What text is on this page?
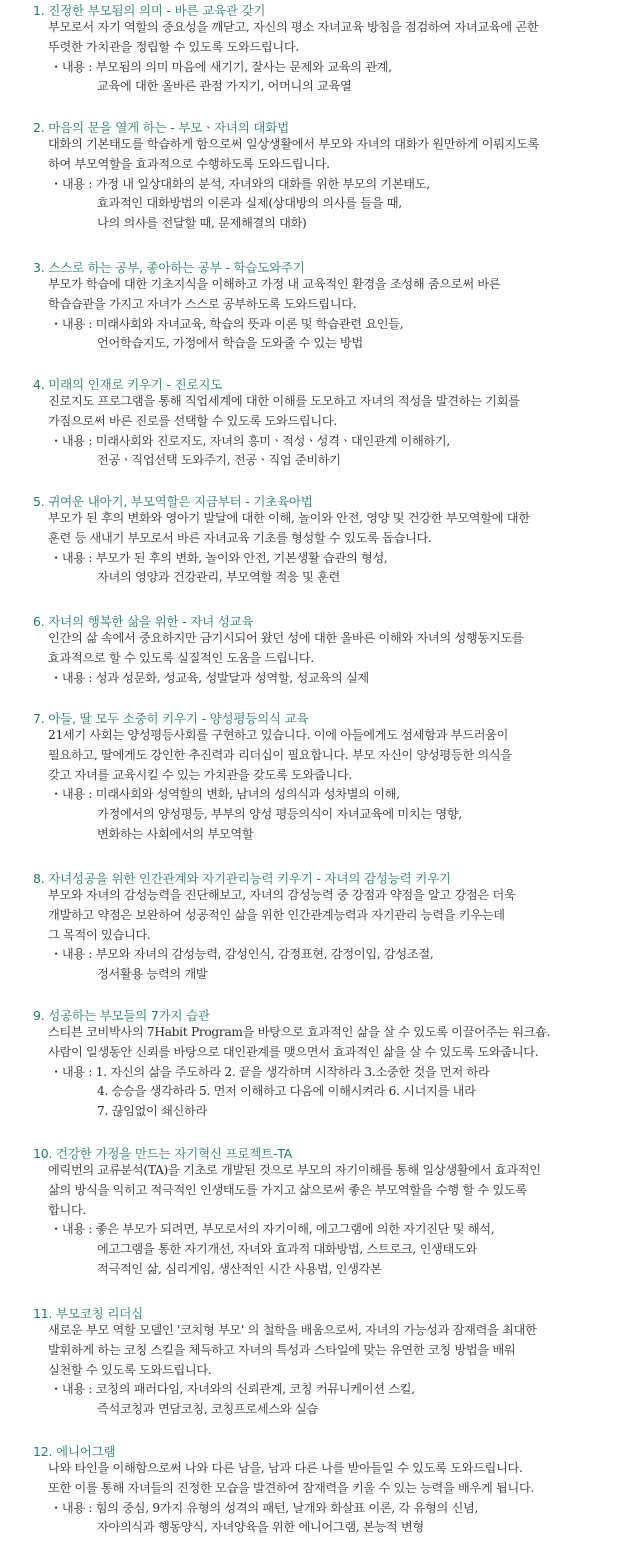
1. 진정한 부모됨의 의미 - 바른 교육관 갖기
부모로서 자기 역할의 중요성을 깨닫고, 자신의 평소 자녀교육 방침을 점검하여 자녀교육에 곤한
뚜렷한 가치관을 정립할 수 있도록 도와드립니다.
・내용 : 부모됨의 의미 마음에 새기기, 잘사는 문제와 교육의 관계,
교육에 대한 올바른 관점 가지기, 어머니의 교육열
2. 마음의 문을 열게 하는 - 부모ㆍ자녀의 대화법
대화의 기본태도를 학습하게 함으로써 일상생활에서 부모와 자녀의 대화가 원만하게 이뤄지도록
하여 부모역할을 효과적으로 수행하도록 도와드립니다.
・내용 : 가정 내 일상대화의 분석, 자녀와의 대화를 위한 부모의 기본태도,
효과적인 대화방법의 이론과 실제(상대방의 의사를 들을 때,
나의 의사를 전달할 때, 문제해결의 대화)
3. 스스로 하는 공부, 좋아하는 공부 - 학습도와주기
부모가 학습에 대한 기초지식을 이해하고 가정 내 교육적인 환경을 조성해 줌으로써 바른
학습습관을 가지고 자녀가 스스로 공부하도록 도와드립니다.
・내용 : 미래사회와 자녀교육, 학습의 뜻과 이론 및 학습관련 요인들,
언어학습지도, 가정에서 학습을 도와줄 수 있는 방법
4. 미래의 인재로 키우기 - 진로지도
진로지도 프로그램을 통해 직업세계에 대한 이해를 도모하고 자녀의 적성을 발견하는 기회를
가짐으로써 바른 진로를 선택할 수 있도록 도와드립니다.
・내용 : 미래사회와 진로지도, 자녀의 흥미ㆍ적성ㆍ성격ㆍ대인관계 이해하기,
전공ㆍ직업선택 도와주기, 전공ㆍ직업 준비하기
5. 귀여운 내아기, 부모역할은 지금부터 - 기초육아법
부모가 된 후의 변화와 영아기 발달에 대한 이해, 놀이와 안전, 영양 및 건강한 부모역할에 대한
훈련 등 새내기 부모로서 바른 자녀교육 기초를 형성할 수 있도록 돕습니다.
・내용 : 부모가 된 후의 변화, 놀이와 안전, 기본생활 습관의 형성,
자녀의 영양과 건강관리, 부모역할 적응 및 훈련
6. 자녀의 행복한 삶을 위한 - 자녀 성교육
인간의 삶 속에서 중요하지만 금기시되어 왔던 성에 대한 올바른 이해와 자녀의 성행동지도를
효과적으로 할 수 있도록 실질적인 도움을 드립니다.
・내용 : 성과 성문화, 성교육, 성발달과 성역할, 성교육의 실제
7. 아들, 딸 모두 소중히 키우기 - 양성평등의식 교육
21세기 사회는 양성평등사회를 구현하고 있습니다. 이에 아들에게도 섬세함과 부드러움이
필요하고, 딸에게도 강인한 추진력과 리더십이 필요합니다. 부모 자신이 양성평등한 의식을
갖고 자녀를 교육시킬 수 있는 가치관을 갖도록 도와줍니다.
・내용 : 미래사회와 성역할의 변화, 남녀의 성의식과 성차별의 이해,
가정에서의 양성평등, 부부의 양성 평등의식이 자녀교육에 미치는 영향,
변화하는 사회에서의 부모역할
8. 자녀성공을 위한 인간관계와 자기관리능력 키우기 - 자녀의 감성능력 키우기
부모와 자녀의 감성능력을 진단해보고, 자녀의 감성능력 중 강점과 약점을 알고 강점은 더욱
개발하고 약점은 보완하여 성공적인 삶을 위한 인간관계능력과 자기관리 능력을 키우는데
그 목적이 있습니다.
・내용 : 부모와 자녀의 감성능력, 감성인식, 감정표현, 감정이입, 감성조절,
정서활용 능력의 개발
9. 성공하는 부모들의 7가지 습관
스티븐 코비박사의 7Habit Program을 바탕으로 효과적인 삶을 살 수 있도록 이끌어주는 워크숍.
사람이 일생동안 신뢰를 바탕으로 대인관계를 맺으면서 효과적인 삶을 살 수 있도록 도와줍니다.
・내용 : 1. 자신의 삶을 주도하라 2. 끝을 생각하며 시작하라 3.소중한 것을 먼저 하라
4. 승승을 생각하라 5. 먼저 이해하고 다음에 이해시켜라 6. 시너지를 내라
7. 끊임없이 쇄신하라
10. 건강한 가정을 만드는 자기혁신 프로젝트-TA
에릭번의 교류분석(TA)을 기초로 개발된 것으로 부모의 자기이해를 통해 일상생활에서 효과적인
삶의 방식을 익히고 적극적인 인생태도를 가지고 삶으로써 좋은 부모역할을 수행 할 수 있도록
합니다.
・내용 : 좋은 부모가 되려면, 부모로서의 자기이해, 에고그램에 의한 자기진단 및 해석,
에고그램을 통한 자기개선, 자녀와 효과적 대화방법, 스트로크, 인생태도와
적극적인 삶, 심리게임, 생산적인 시간 사용법, 인생각본
11. 부모코칭 리더십
새로운 부모 역할 모델인 '코치형 부모' 의 철학을 배움으로써, 자녀의 가능성과 잠재력을 최대한
발휘하게 하는 코칭 스킬을 체득하고 자녀의 특성과 스타일에 맞는 유연한 코칭 방법을 배워
실천할 수 있도록 도와드립니다.
・내용 : 코칭의 패러다임, 자녀와의 신뢰관계, 코칭 커뮤니케이션 스킬,
즉석코칭과 면담코칭, 코칭프로세스와 실습
12. 에니어그램
나와 타인을 이해함으로써 나와 다른 남을, 남과 다른 나를 받아들일 수 있도록 도와드립니다.
또한 이를 통해 자녀들의 진정한 모습을 발견하여 잠재력을 키울 수 있는 능력을 배우게 됩니다.
・내용 : 힘의 중심, 9가지 유형의 성격의 패턴, 날개와 화살표 이론, 각 유형의 신념,
자아의식과 행동양식, 자녀양육을 위한 에니어그램, 본능적 변형
